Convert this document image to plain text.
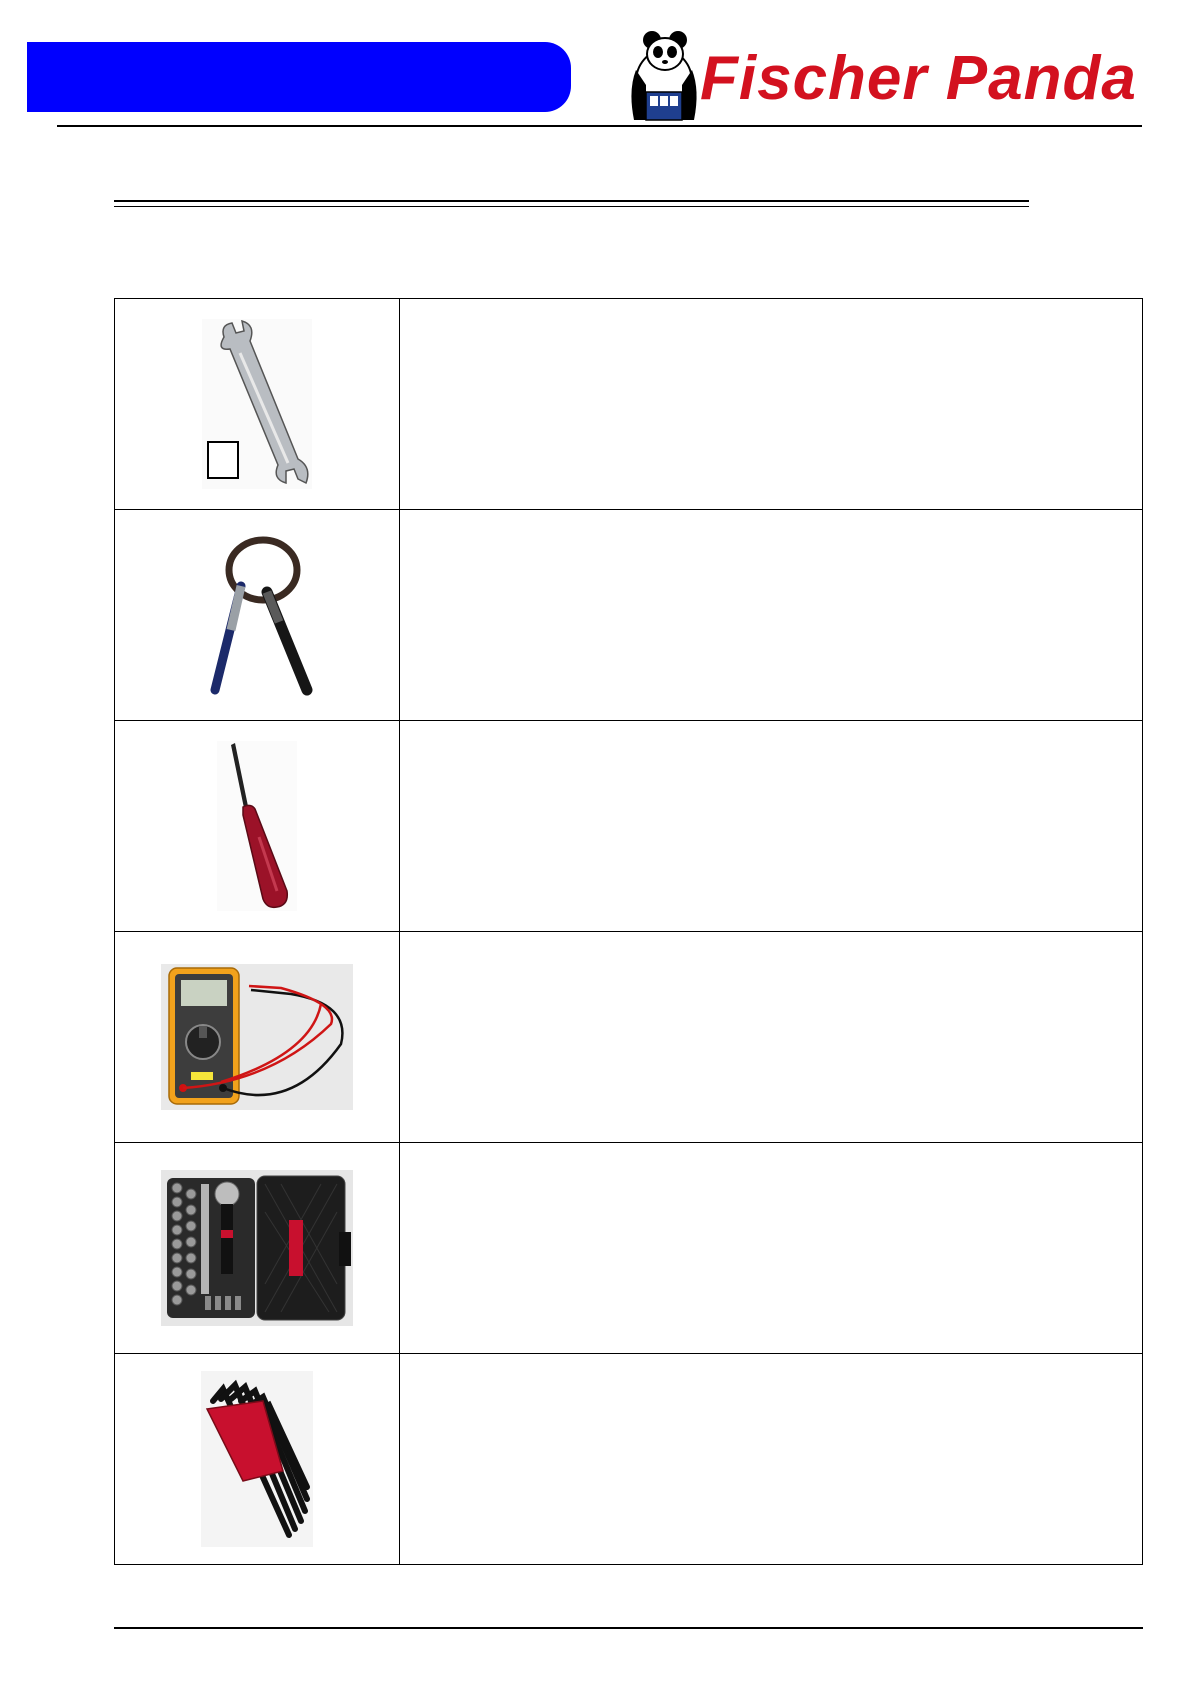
Fischer Panda
